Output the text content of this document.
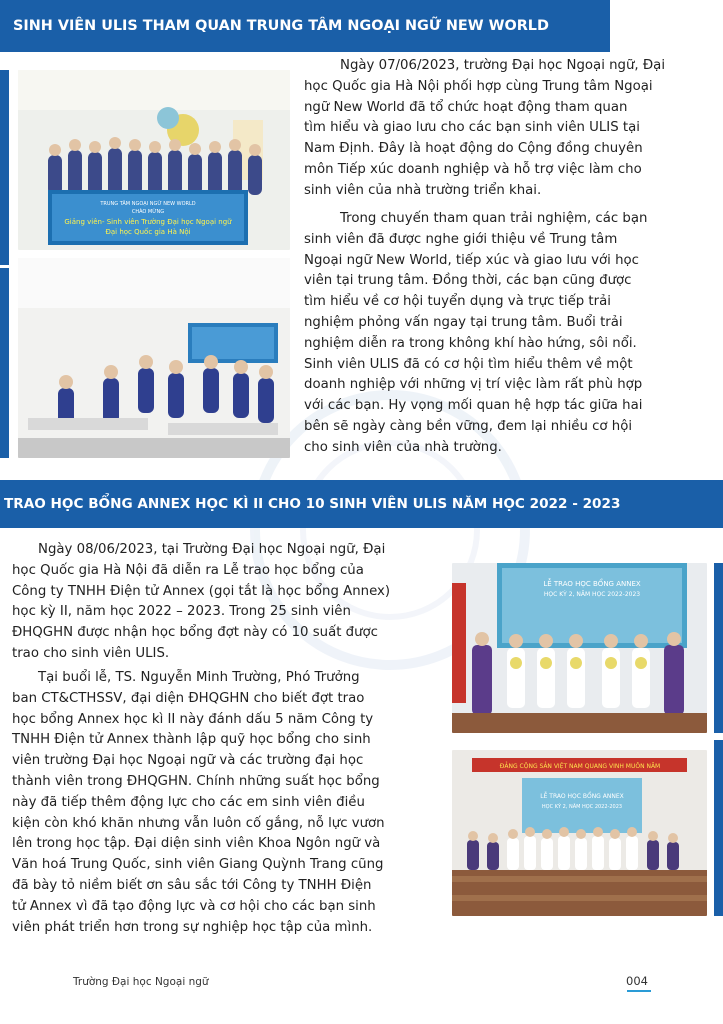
SINH VIÊN ULIS THAM QUAN TRUNG TÂM NGOẠI NGỮ NEW WORLD
TRUNG TÂM NGOẠI NGỮ NEW WORLD
CHÀO MỪNG
Giảng viên- Sinh viên Trường Đại học Ngoại ngữ
Đại học Quốc gia Hà Nội
Ngày 07/06/2023, trường Đại học Ngoại ngữ, Đại
học Quốc gia Hà Nội phối hợp cùng Trung tâm Ngoại
ngữ New World đã tổ chức hoạt động tham quan
tìm hiểu và giao lưu cho các bạn sinh viên ULIS tại
Nam Định. Đây là hoạt động do Cộng đồng chuyên
môn Tiếp xúc doanh nghiệp và hỗ trợ việc làm cho
sinh viên của nhà trường triển khai.
Trong chuyến tham quan trải nghiệm, các bạn
sinh viên đã được nghe giới thiệu về Trung tâm
Ngoại ngữ New World, tiếp xúc và giao lưu với học
viên tại trung tâm. Đồng thời, các bạn cũng được
tìm hiểu về cơ hội tuyển dụng và trực tiếp trải
nghiệm phỏng vấn ngay tại trung tâm. Buổi trải
nghiệm diễn ra trong không khí hào hứng, sôi nổi.
Sinh viên ULIS đã có cơ hội tìm hiểu thêm về một
doanh nghiệp với những vị trí việc làm rất phù hợp
với các bạn. Hy vọng mối quan hệ hợp tác giữa hai
bên sẽ ngày càng bền vững, đem lại nhiều cơ hội
cho sinh viên của nhà trường.
TRAO HỌC BỔNG ANNEX HỌC KÌ II CHO 10 SINH VIÊN ULIS NĂM HỌC 2022 - 2023
Ngày 08/06/2023, tại Trường Đại học Ngoại ngữ, Đại
học Quốc gia Hà Nội đã diễn ra Lễ trao học bổng của
Công ty TNHH Điện tử Annex (gọi tắt là học bổng Annex)
học kỳ II, năm học 2022 – 2023. Trong 25 sinh viên
ĐHQGHN được nhận học bổng đợt này có 10 suất được
trao cho sinh viên ULIS.
Tại buổi lễ, TS. Nguyễn Minh Trường, Phó Trưởng
ban CT&CTHSSV, đại diện ĐHQGHN cho biết đợt trao
học bổng Annex học kì II này đánh dấu 5 năm Công ty
TNHH Điện tử Annex thành lập quỹ học bổng cho sinh
viên trường Đại học Ngoại ngữ và các trường đại học
thành viên trong ĐHQGHN. Chính những suất học bổng
này đã tiếp thêm động lực cho các em sinh viên điều
kiện còn khó khăn nhưng vẫn luôn cố gắng, nỗ lực vươn
lên trong học tập. Đại diện sinh viên Khoa Ngôn ngữ và
Văn hoá Trung Quốc, sinh viên Giang Quỳnh Trang cũng
đã bày tỏ niềm biết ơn sâu sắc tới Công ty TNHH Điện
tử Annex vì đã tạo động lực và cơ hội cho các bạn sinh
viên phát triển hơn trong sự nghiệp học tập của mình.
LỄ TRAO HỌC BỔNG ANNEX
HỌC KỲ 2, NĂM HỌC 2022-2023
ĐẢNG CỘNG SẢN VIỆT NAM QUANG VINH MUÔN NĂM
LỄ TRAO HỌC BỔNG ANNEX
HỌC KỲ 2, NĂM HỌC 2022-2023
Trường Đại học Ngoại ngữ	004
